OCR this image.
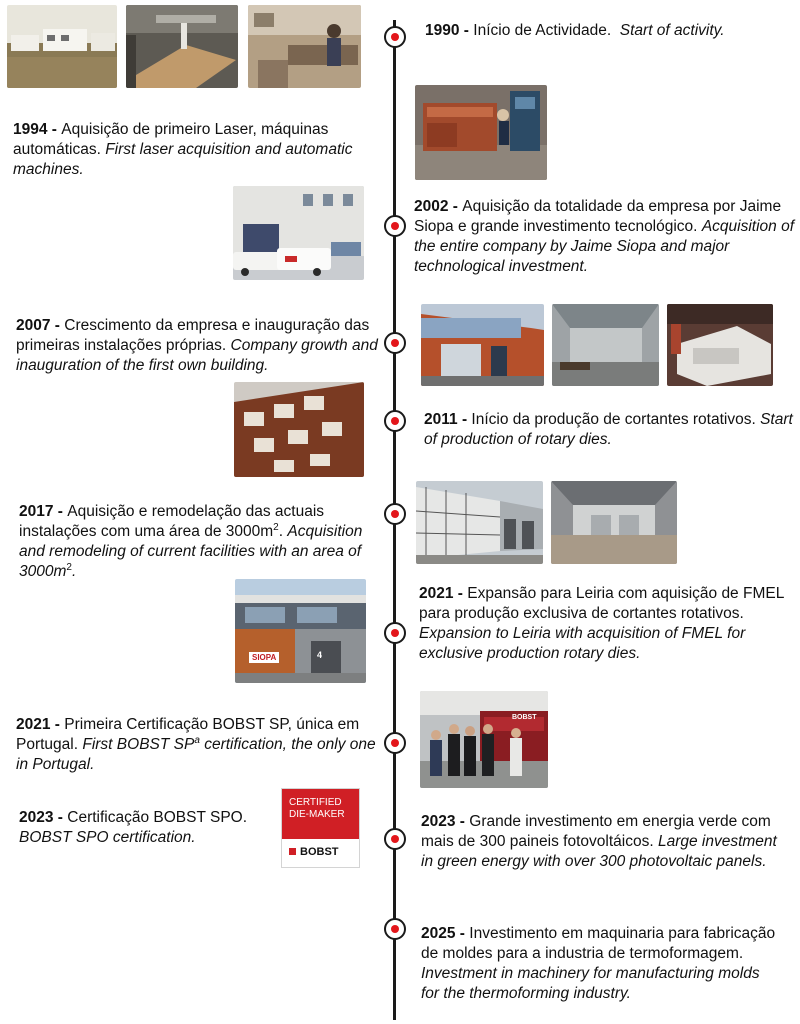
1990 - Início de Actividade. Start of activity.
1994 - Aquisição de primeiro Laser, máquinas automáticas. First laser acquisition and automatic machines.
2002 - Aquisição da totalidade da empresa por Jaime Siopa e grande investimento tecnológico. Acquisition of the entire company by Jaime Siopa and major technological investment.
2007 - Crescimento da empresa e inauguração das primeiras instalações próprias. Company growth and inauguration of the first own building.
2011 - Início da produção de cortantes rotativos. Start of production of rotary dies.
2017 - Aquisição e remodelação das actuais instalações com uma área de $3000m^2$. Acquisition and remodeling of current facilities with an area of $3000m^2$.
2021 - Expansão para Leiria com aquisição de FMEL para produção exclusiva de cortantes rotativos. Expansion to Leiria with acquisition of FMEL for exclusive production rotary dies.
2021 - Primeira Certificação BOBST SP, única em Portugal. First BOBST $SP^a$ certification, the only one in Portugal.
2023 - Certificação BOBST SPO.
BOBST SPO certification.
2023 - Grande investimento em energia verde com mais de 300 paineis fotovoltáicos. Large investment in green energy with over 300 photovoltaic panels.
2025 - Investimento em maquinaria para fabricação de moldes para a industria de termoformagem. Investment in machinery for manufacturing molds for the thermoforming industry.
CERTIFIED
DIE-MAKER
BOBST
SIOPA	4
BOBST
